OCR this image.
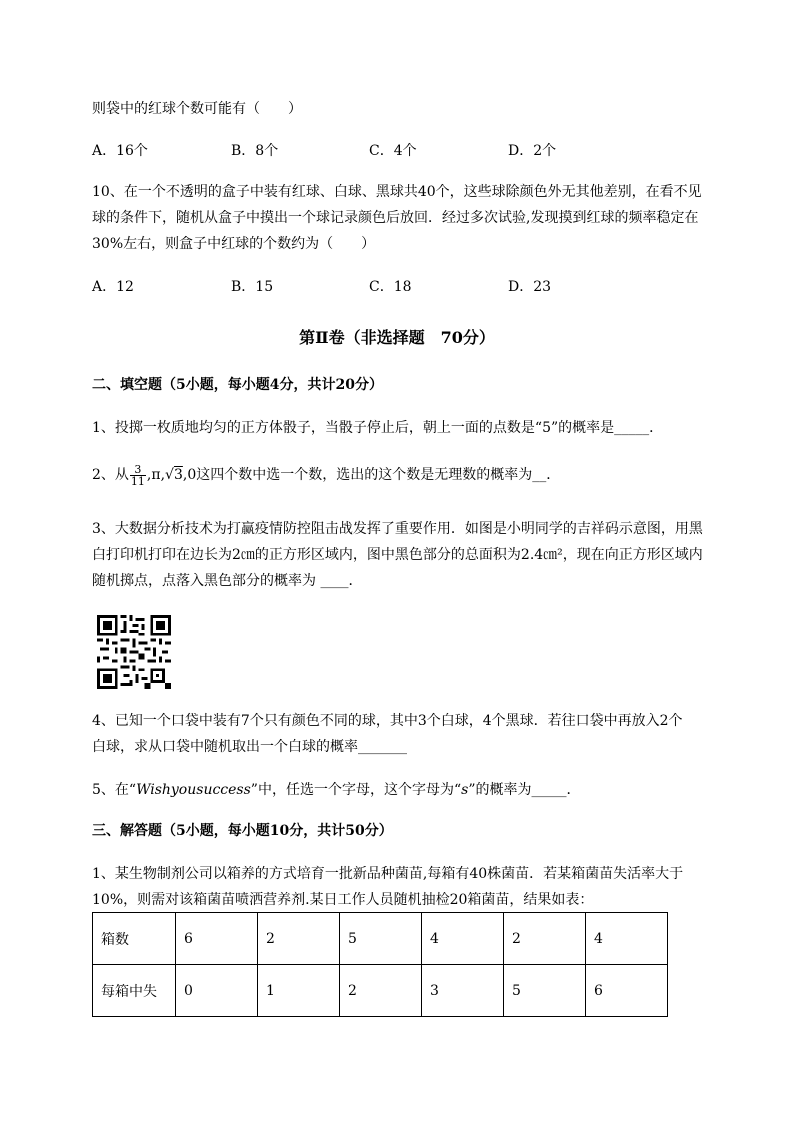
则袋中的红球个数可能有（　　）
A．16个	B．8个	C．4个	D．2个
10、在一个不透明的盒子中装有红球、白球、黑球共40个，这些球除颜色外无其他差别，在看不见
球的条件下，随机从盒子中摸出一个球记录颜色后放回．经过多次试验,发现摸到红球的频率稳定在
30%左右，则盒子中红球的个数约为（　　）
A．12	B．15	C．18	D．23
第Ⅱ卷（非选择题　70分）
二、填空题（5小题，每小题4分，共计20分）
1、投掷一枚质地均匀的正方体骰子，当骰子停止后，朝上一面的点数是“5”的概率是_____．
2、从 $\frac{3}{11} ,\pi,√3,0$这四个数中选一个数，选出的这个数是无理数的概率为__．
3、大数据分析技术为打赢疫情防控阻击战发挥了重要作用．如图是小明同学的吉祥码示意图，用黑
白打印机打印在边长为2㎝的正方形区域内，图中黑色部分的总面积为2.4㎝²，现在向正方形区域内
随机掷点，点落入黑色部分的概率为 ____．
4、已知一个口袋中装有7个只有颜色不同的球，其中3个白球，4个黑球．若往口袋中再放入2个
白球，求从口袋中随机取出一个白球的概率_______
5、在“Wishyousuccess”中，任选一个字母，这个字母为“s”的概率为_____．
三、解答题（5小题，每小题10分，共计50分）
1、某生物制剂公司以箱养的方式培育一批新品种菌苗,每箱有40株菌苗．若某箱菌苗失活率大于
10%，则需对该箱菌苗喷洒营养剂.某日工作人员随机抽检20箱菌苗，结果如表：
箱数	6	2	5	4	2	4
每箱中失	0	1	2	3	5	6
